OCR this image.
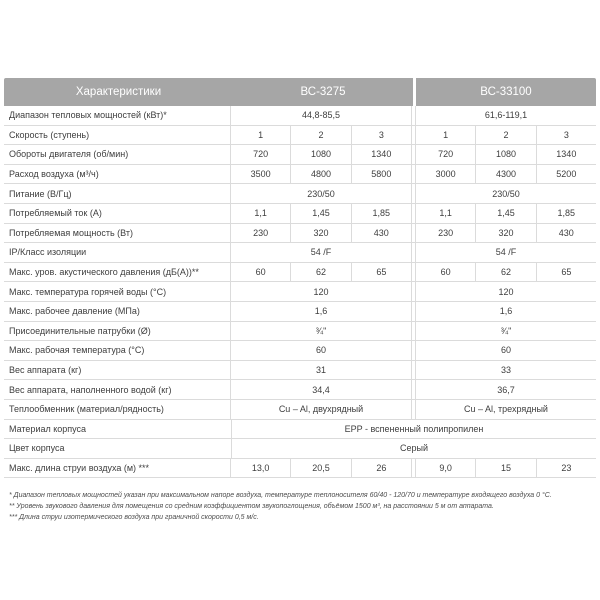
Характеристики	ВС-3275	ВС-33100
Диапазон тепловых мощностей (кВт)*	44,8-85,5	61,6-119,1
Скорость (ступень)	1	2	3	1	2	3
Обороты двигателя (об/мин)	720	1080	1340	720	1080	1340
Расход воздуха (м³/ч)	3500	4800	5800	3000	4300	5200
Питание (В/Гц)	230/50	230/50
Потребляемый ток (А)	1,1	1,45	1,85	1,1	1,45	1,85
Потребляемая мощность (Вт)	230	320	430	230	320	430
IP/Класс изоляции	54 /F	54 /F
Макс. уров. акустического давления (дБ(А))**	60	62	65	60	62	65
Макс. температура горячей воды (°С)	120	120
Макс. рабочее давление (МПа)	1,6	1,6
Присоединительные патрубки (Ø)	¾"	¾"
Макс. рабочая температура (°С)	60	60
Вес аппарата (кг)	31	33
Вес аппарата, наполненного водой (кг)	34,4	36,7
Теплообменник (материал/рядность)	Cu – Al, двухрядный	Cu – Al, трехрядный
Материал корпуса	EPP - вспененный полипропилен
Цвет корпуса	Серый
Макс. длина струи воздуха (м) ***	13,0	20,5	26	9,0	15	23
* Диапазон тепловых мощностей указан при максимальном напоре воздуха, температуре теплоносителя 60/40 - 120/70 и температуре входящего воздуха 0 °C.
** Уровень звукового давления для помещения со средним коэффициентом звукопоглощения, объёмом 1500 м³, на расстоянии 5 м от аппарата.
*** Длина струи изотермического воздуха при граничной скорости 0,5 м/с.
